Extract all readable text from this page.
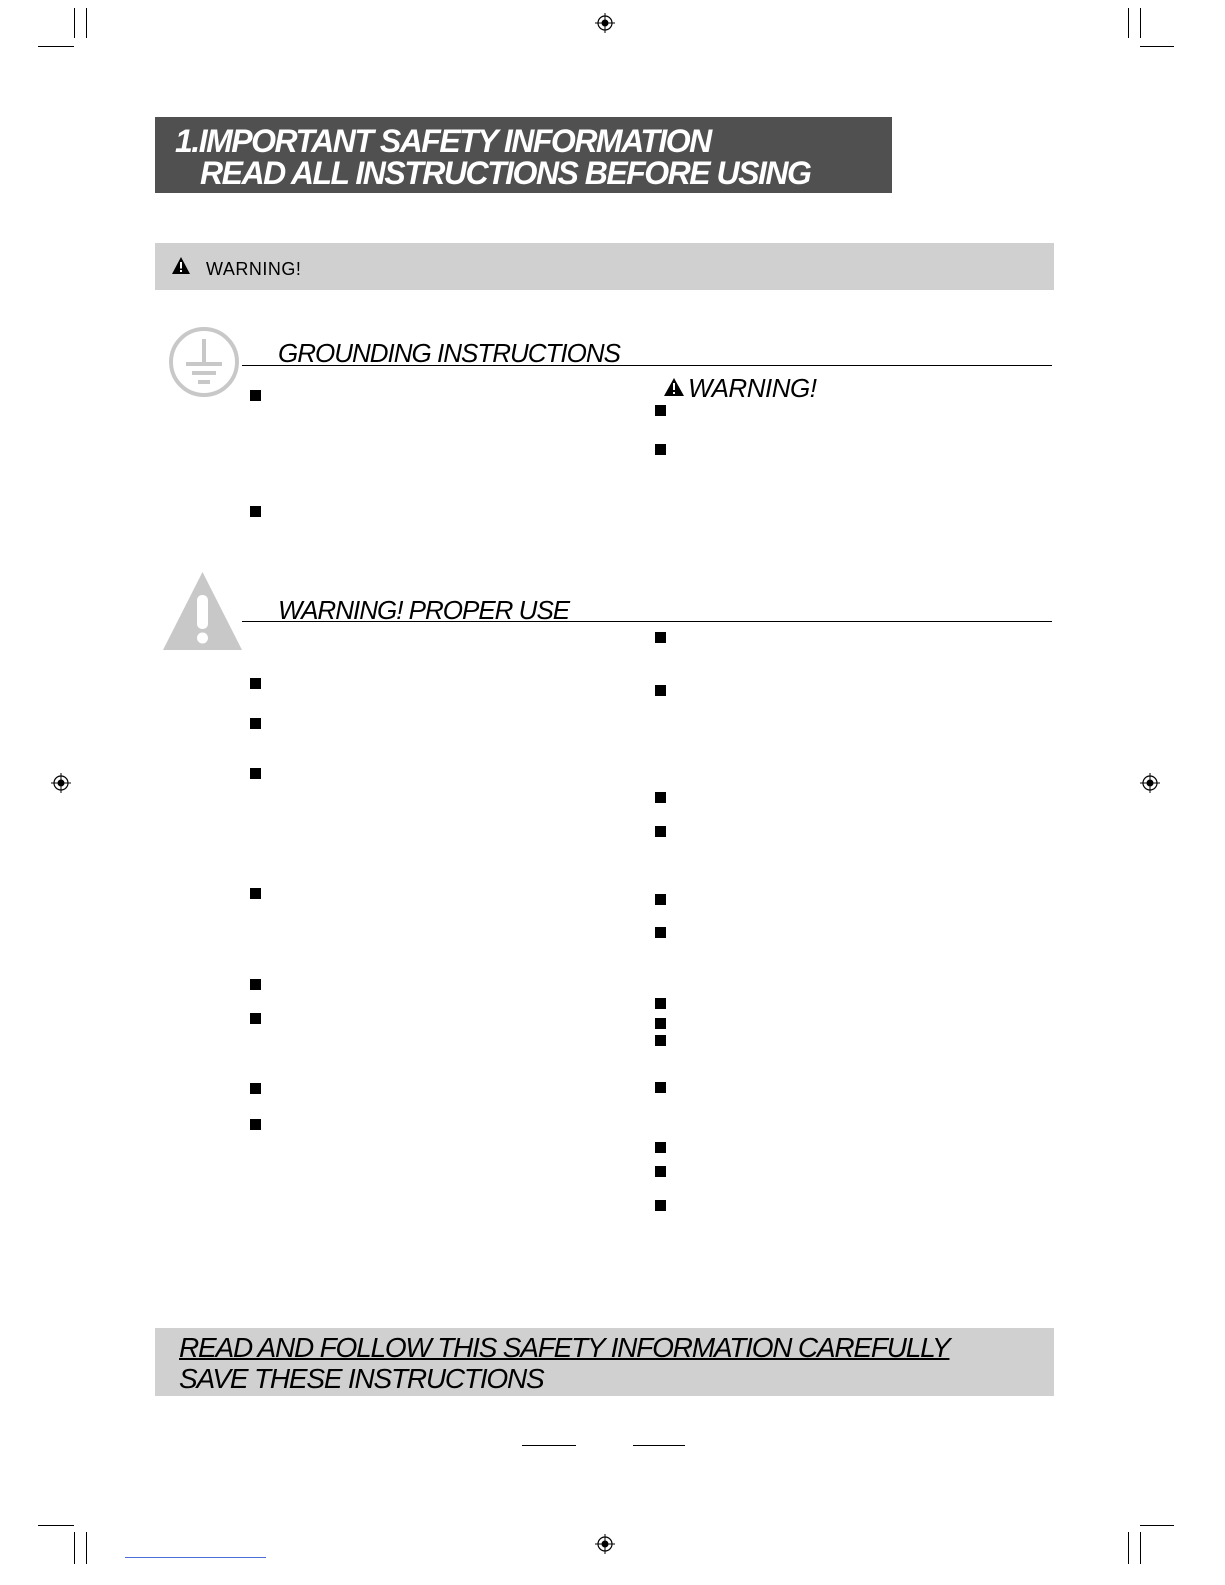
1.IMPORTANT SAFETY INFORMATION
READ ALL INSTRUCTIONS BEFORE USING
WARNING!
GROUNDING INSTRUCTIONS
WARNING!
WARNING! PROPER USE
READ AND FOLLOW THIS SAFETY INFORMATION CAREFULLY
SAVE THESE INSTRUCTIONS
